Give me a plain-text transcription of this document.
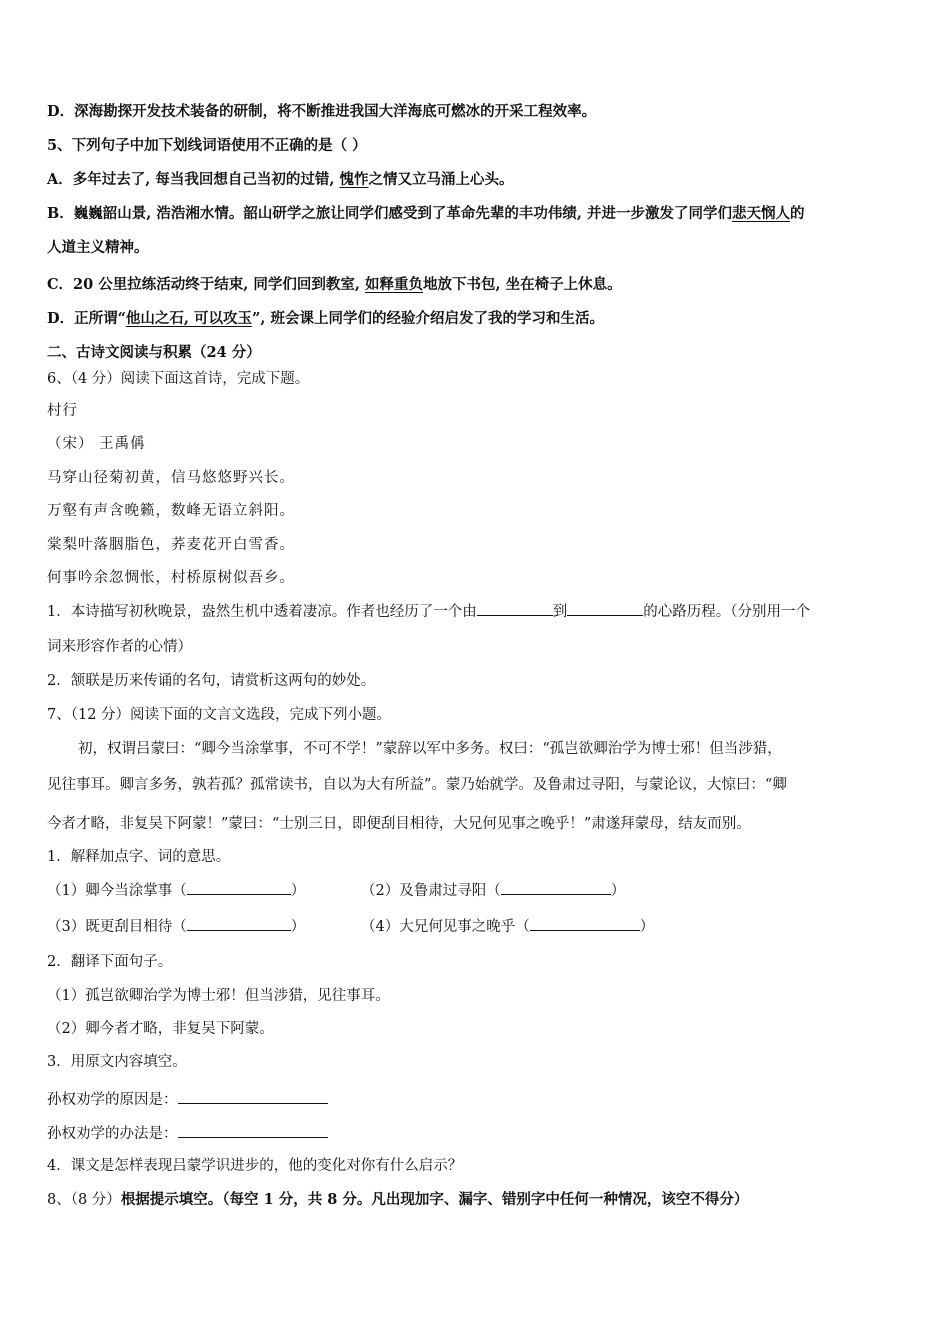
D．深海勘探开发技术装备的研制，将不断推进我国大洋海底可燃冰的开采工程效率。
5、下列句子中加下划线词语使用不正确的是（ ）
A．多年过去了, 每当我回想自己当初的过错, 愧怍之情又立马涌上心头。
B．巍巍韶山景, 浩浩湘水情。韶山研学之旅让同学们感受到了革命先辈的丰功伟绩, 并进一步激发了同学们悲天悯人的
人道主义精神。
C．20 公里拉练活动终于结束, 同学们回到教室, 如释重负地放下书包, 坐在椅子上休息。
D．正所谓“他山之石, 可以攻玉”, 班会课上同学们的经验介绍启发了我的学习和生活。
二、古诗文阅读与积累（24 分）
6、（4 分）阅读下面这首诗，完成下题。
村行
（宋） 王禹偁
马穿山径菊初黄，信马悠悠野兴长。
万壑有声含晚籁，数峰无语立斜阳。
棠梨叶落胭脂色，荞麦花开白雪香。
何事吟余忽惆怅，村桥原树似吾乡。
1．本诗描写初秋晚景，盎然生机中透着凄凉。作者也经历了一个由	到	的心路历程。（分别用一个
词来形容作者的心情）
2．颔联是历来传诵的名句，请赏析这两句的妙处。
7、（12 分）阅读下面的文言文选段，完成下列小题。
初，权谓吕蒙曰：“卿今当涂掌事，不可不学！”蒙辞以军中多务。权曰：“孤岂欲卿治学为博士邪！但当涉猎，
见往事耳。卿言多务，孰若孤？孤常读书，自以为大有所益”。蒙乃始就学。及鲁肃过寻阳，与蒙论议，大惊曰：“卿
今者才略，非复吴下阿蒙！”蒙曰：“士别三日，即便刮目相待，大兄何见事之晚乎！”肃遂拜蒙母，结友而别。
1．解释加点字、词的意思。
（1）卿今当涂掌事（	）	（2）及鲁肃过寻阳（	）
（3）既更刮目相待（	）	（4）大兄何见事之晚乎（	）
2．翻译下面句子。
（1）孤岂欲卿治学为博士邪！但当涉猎，见往事耳。
（2）卿今者才略，非复吴下阿蒙。
3．用原文内容填空。
孙权劝学的原因是：
孙权劝学的办法是：
4．课文是怎样表现吕蒙学识进步的，他的变化对你有什么启示？
8、（8 分）根据提示填空。（每空 1 分，共 8 分。凡出现加字、漏字、错别字中任何一种情况，该空不得分）
